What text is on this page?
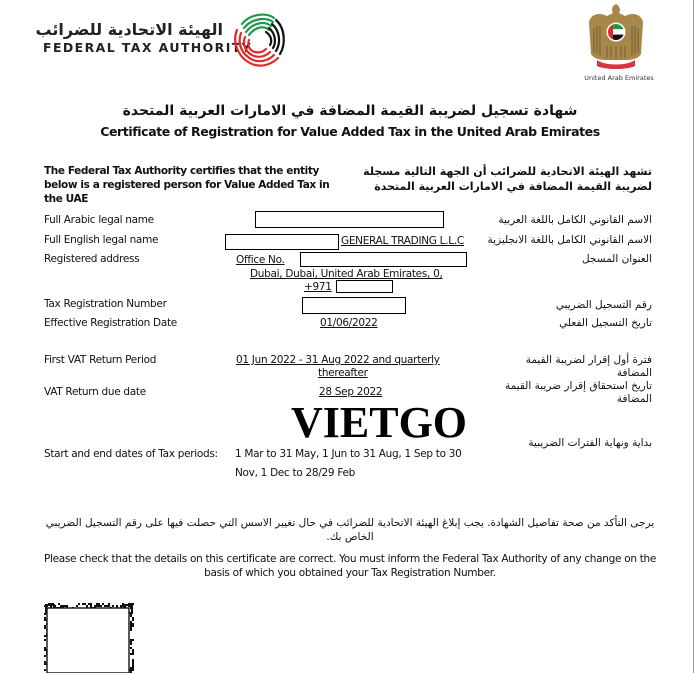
الهيئة الاتحادية للضرائب
FEDERAL TAX AUTHORITY
United Arab Emirates
شهادة تسجيل لضريبة القيمة المضافة في الامارات العربية المتحدة
Certificate of Registration for Value Added Tax in the United Arab Emirates
The Federal Tax Authority certifies that the entity below is a registered person for Value Added Tax in the UAE
تشهد الهيئة الاتحادية للضرائب أن الجهة التالية مسجلة لضريبة القيمة المضافة في الامارات العربية المتحدة
Full Arabic legal name	الاسم القانوني الكامل باللغة العربية
Full English legal name	GENERAL TRADING L.L.C	الاسم القانوني الكامل باللغة الانجليزية
Registered address	Office No.
Dubai, Dubai, United Arab Emirates, 0,
+971
العنوان المسجل
Tax Registration Number	رقم التسجيل الضريبي
Effective Registration Date	01/06/2022	تاريخ التسجيل الفعلي
First VAT Return Period	01 Jun 2022 - 31 Aug 2022 and quarterly
thereafter
فترة أول إقرار لضريبة القيمة المضافة
VAT Return due date	28 Sep 2022	تاريخ استحقاق إقرار ضريبة القيمة المضافة
VIETGO
Start and end dates of Tax periods: 1 Mar to 31 May, 1 Jun to 31 Aug, 1 Sep to 30
Nov, 1 Dec to 28/29 Feb
بداية ونهاية الفترات الضريبية
يرجى التأكد من صحة تفاصيل الشهادة. يجب إبلاغ الهيئة الاتحادية للضرائب في حال تغيير الاسس التي حصلت فيها على رقم التسجيل الضريبي الخاص بك.
Please check that the details on this certificate are correct. You must inform the Federal Tax Authority of any change on the basis of which you obtained your Tax Registration Number.
